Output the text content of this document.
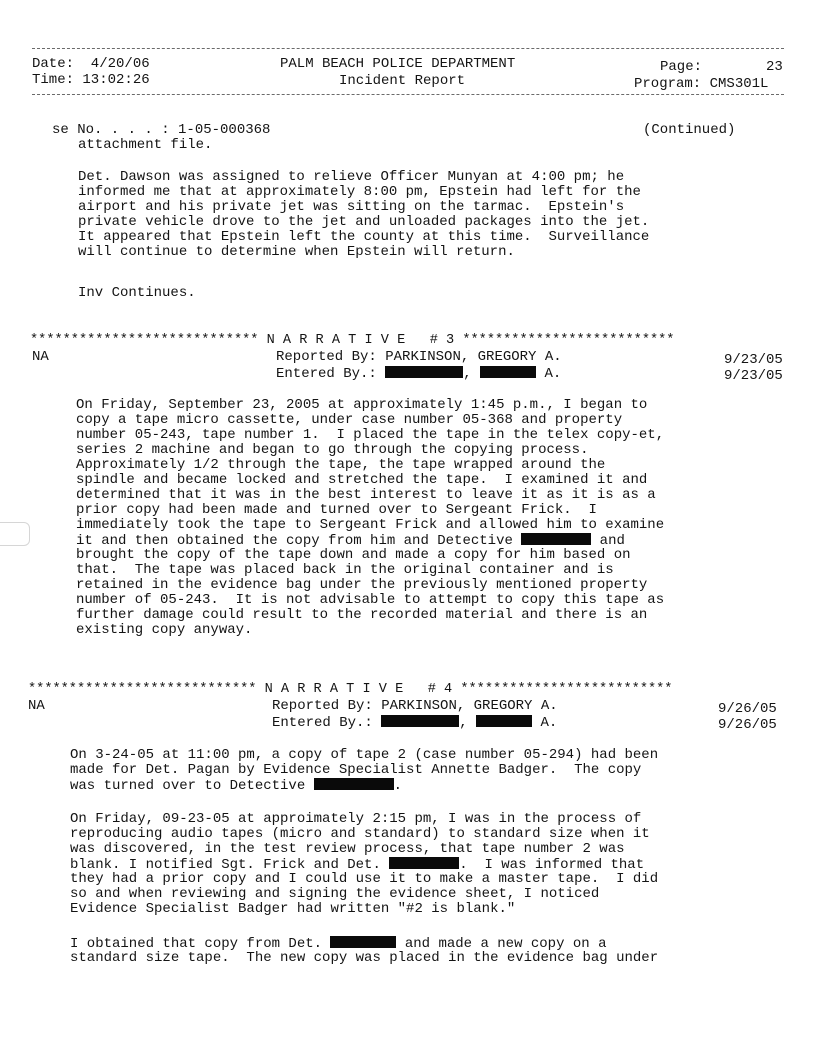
Date:  4/20/06
Time: 13:02:26
PALM BEACH POLICE DEPARTMENT
Incident Report
Page:	23
Program: CMS301L
se No. . . . : 1-05-000368	(Continued)
attachment file.
Det. Dawson was assigned to relieve Officer Munyan at 4:00 pm; he
informed me that at approximately 8:00 pm, Epstein had left for the
airport and his private jet was sitting on the tarmac.  Epstein's
private vehicle drove to the jet and unloaded packages into the jet.
It appeared that Epstein left the county at this time.  Surveillance
will continue to determine when Epstein will return.
Inv Continues.
**************************** N A R R A T I V E   # 3 **************************
NA	Reported By: PARKINSON, GREGORY A.	9/23/05
Entered By.:	,	A.	9/23/05
On Friday, September 23, 2005 at approximately 1:45 p.m., I began to
copy a tape micro cassette, under case number 05-368 and property
number 05-243, tape number 1.  I placed the tape in the telex copy-et,
series 2 machine and began to go through the copying process.
Approximately 1/2 through the tape, the tape wrapped around the
spindle and became locked and stretched the tape.  I examined it and
determined that it was in the best interest to leave it as it is as a
prior copy had been made and turned over to Sergeant Frick.  I
immediately took the tape to Sergeant Frick and allowed him to examine
it and then obtained the copy from him and Detective	and
brought the copy of the tape down and made a copy for him based on
that.  The tape was placed back in the original container and is
retained in the evidence bag under the previously mentioned property
number of 05-243.  It is not advisable to attempt to copy this tape as
further damage could result to the recorded material and there is an
existing copy anyway.
**************************** N A R R A T I V E   # 4 **************************
NA	Reported By: PARKINSON, GREGORY A.	9/26/05
Entered By.:	,	A.	9/26/05
On 3-24-05 at 11:00 pm, a copy of tape 2 (case number 05-294) had been
made for Det. Pagan by Evidence Specialist Annette Badger.  The copy
was turned over to Detective	.
On Friday, 09-23-05 at approimately 2:15 pm, I was in the process of
reproducing audio tapes (micro and standard) to standard size when it
was discovered, in the test review process, that tape number 2 was
blank. I notified Sgt. Frick and Det.	.  I was informed that
they had a prior copy and I could use it to make a master tape.  I did
so and when reviewing and signing the evidence sheet, I noticed
Evidence Specialist Badger had written "#2 is blank."
I obtained that copy from Det.	and made a new copy on a
standard size tape.  The new copy was placed in the evidence bag under
